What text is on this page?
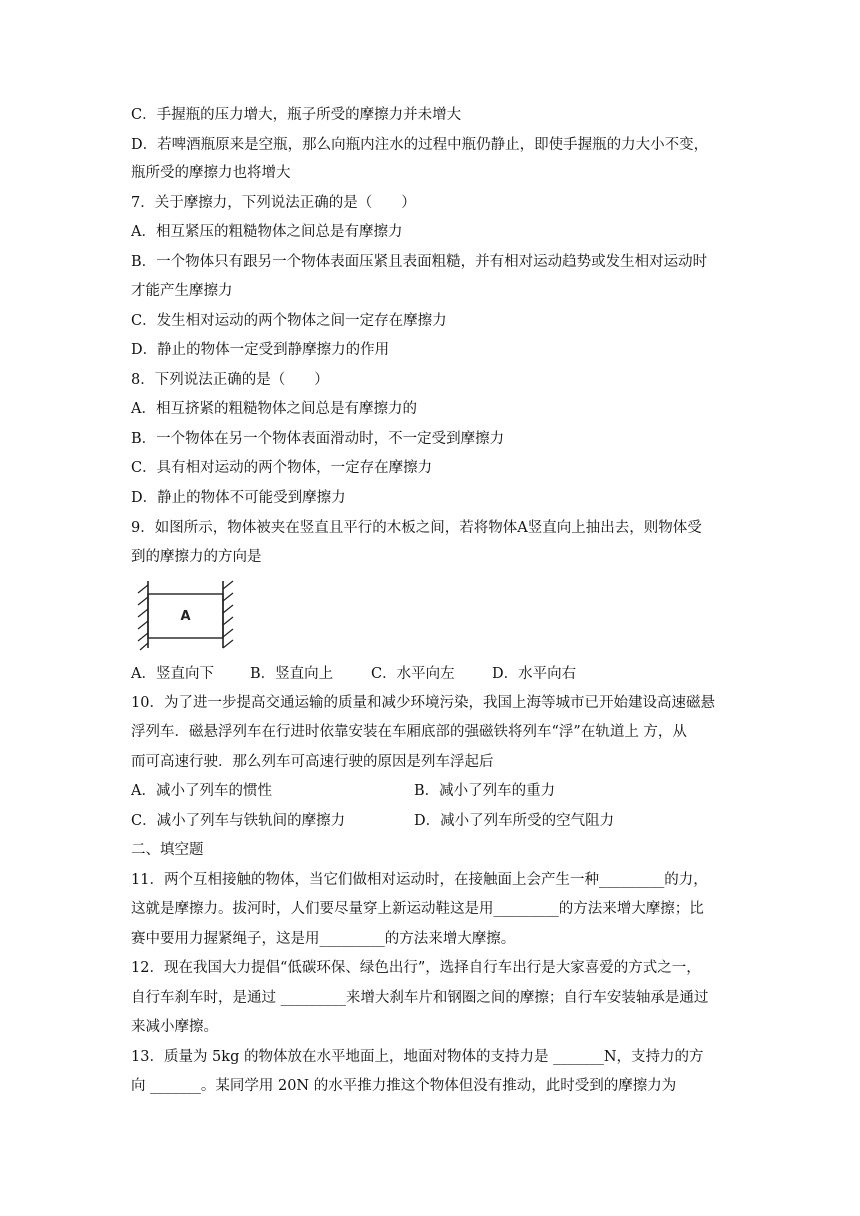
C．手握瓶的压力增大，瓶子所受的摩擦力并未增大
D．若啤酒瓶原来是空瓶，那么向瓶内注水的过程中瓶仍静止，即使手握瓶的力大小不变，
瓶所受的摩擦力也将增大
7．关于摩擦力，下列说法正确的是（　　）
A．相互紧压的粗糙物体之间总是有摩擦力
B．一个物体只有跟另一个物体表面压紧且表面粗糙，并有相对运动趋势或发生相对运动时
才能产生摩擦力
C．发生相对运动的两个物体之间一定存在摩擦力
D．静止的物体一定受到静摩擦力的作用
8．下列说法正确的是（　　）
A．相互挤紧的粗糙物体之间总是有摩擦力的
B．一个物体在另一个物体表面滑动时，不一定受到摩擦力
C．具有相对运动的两个物体，一定存在摩擦力
D．静止的物体不可能受到摩擦力
9．如图所示，物体被夹在竖直且平行的木板之间，若将物体A竖直向上抽出去，则物体受
到的摩擦力的方向是
A
A．竖直向下 B．竖直向上	C．水平向左	D．水平向右
10．为了进一步提高交通运输的质量和减少环境污染，我国上海等城市已开始建设高速磁悬
浮列车．磁悬浮列车在行进时依靠安装在车厢底部的强磁铁将列车“浮”在轨道上 方，从
而可高速行驶．那么列车可高速行驶的原因是列车浮起后
A．减小了列车的惯性	B．减小了列车的重力
C．减小了列车与铁轨间的摩擦力	D．减小了列车所受的空气阻力
二、填空题
11．两个互相接触的物体，当它们做相对运动时，在接触面上会产生一种_________的力，
这就是摩擦力。拔河时，人们要尽量穿上新运动鞋这是用_________的方法来增大摩擦；比
赛中要用力握紧绳子，这是用_________的方法来增大摩擦。
12．现在我国大力提倡“低碳环保、绿色出行”，选择自行车出行是大家喜爱的方式之一，
自行车刹车时，是通过 _________来增大刹车片和钢圈之间的摩擦；自行车安装轴承是通过
来减小摩擦。
13．质量为 5kg 的物体放在水平地面上，地面对物体的支持力是 _______N，支持力的方
向 _______。某同学用 20N 的水平推力推这个物体但没有推动，此时受到的摩擦力为
